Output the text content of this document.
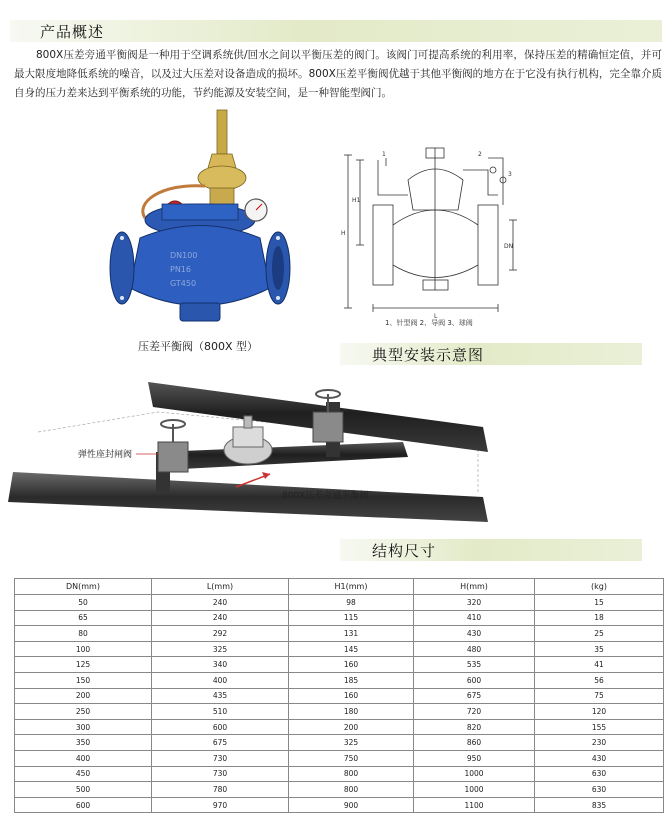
产品概述
800X压差旁通平衡阀是一种用于空调系统供/回水之间以平衡压差的阀门。该阀门可提高系统的利用率，保持压差的精确恒定值，并可最大限度地降低系统的噪音，以及过大压差对设备造成的损坏。800X压差平衡阀优越于其他平衡阀的地方在于它没有执行机构，完全靠介质自身的压力差来达到平衡系统的功能，节约能源及安装空间，是一种智能型阀门。
DN100
PN16
GT450
压差平衡阀（800X 型）
H
H1
DN
L
1	2
3
1、针型阀 2、导阀 3、球阀
典型安装示意图
弹性座封闸阀
800X压差旁通平衡阀
结构尺寸
DN(mm)	L(mm)	H1(mm)	H(mm)	(kg)
50	240	98	320	15
65	240	115	410	18
80	292	131	430	25
100	325	145	480	35
125	340	160	535	41
150	400	185	600	56
200	435	160	675	75
250	510	180	720	120
300	600	200	820	155
350	675	325	860	230
400	730	750	950	430
450	730	800	1000	630
500	780	800	1000	630
600	970	900	1100	835
